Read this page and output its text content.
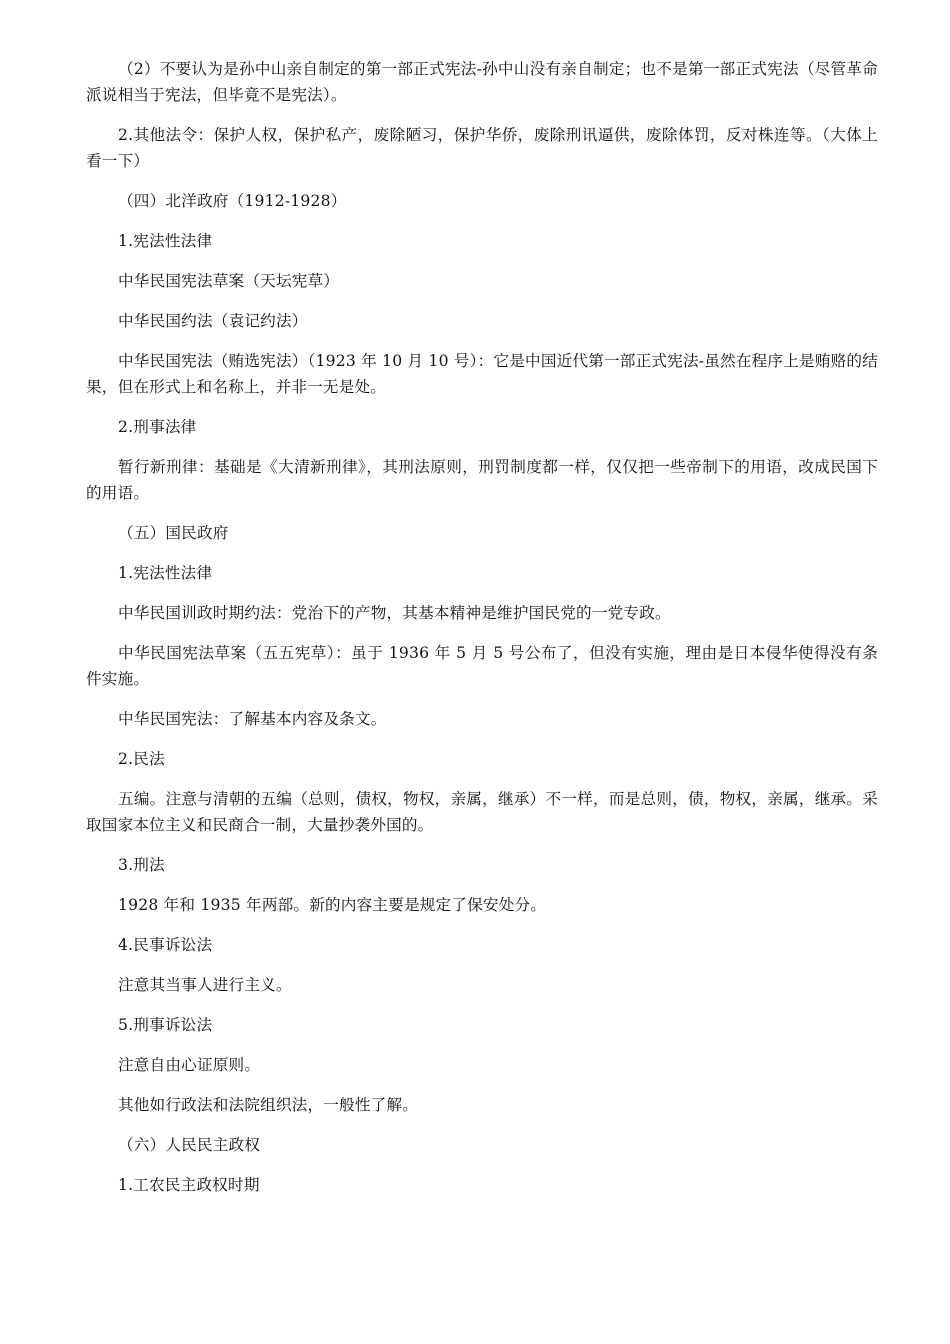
（2）不要认为是孙中山亲自制定的第一部正式宪法-孙中山没有亲自制定；也不是第一部正式宪法（尽管革命派说相当于宪法，但毕竟不是宪法）。

2.其他法令：保护人权，保护私产，废除陋习，保护华侨，废除刑讯逼供，废除体罚，反对株连等。（大体上看一下）

（四）北洋政府（1912-1928）

1.宪法性法律

中华民国宪法草案（天坛宪草）

中华民国约法（袁记约法）

中华民国宪法（贿选宪法）（1923 年 10 月 10 号）：它是中国近代第一部正式宪法-虽然在程序上是贿赂的结果，但在形式上和名称上，并非一无是处。

2.刑事法律

暂行新刑律：基础是《大清新刑律》，其刑法原则，刑罚制度都一样，仅仅把一些帝制下的用语，改成民国下的用语。

（五）国民政府

1.宪法性法律

中华民国训政时期约法：党治下的产物，其基本精神是维护国民党的一党专政。

中华民国宪法草案（五五宪草）：虽于 1936 年 5 月 5 号公布了，但没有实施，理由是日本侵华使得没有条件实施。

中华民国宪法：了解基本内容及条文。

2.民法

五编。注意与清朝的五编（总则，债权，物权，亲属，继承）不一样，而是总则，债，物权，亲属，继承。采取国家本位主义和民商合一制，大量抄袭外国的。

3.刑法

1928 年和 1935 年两部。新的内容主要是规定了保安处分。

4.民事诉讼法

注意其当事人进行主义。

5.刑事诉讼法

注意自由心证原则。

其他如行政法和法院组织法，一般性了解。

（六）人民民主政权

1.工农民主政权时期
